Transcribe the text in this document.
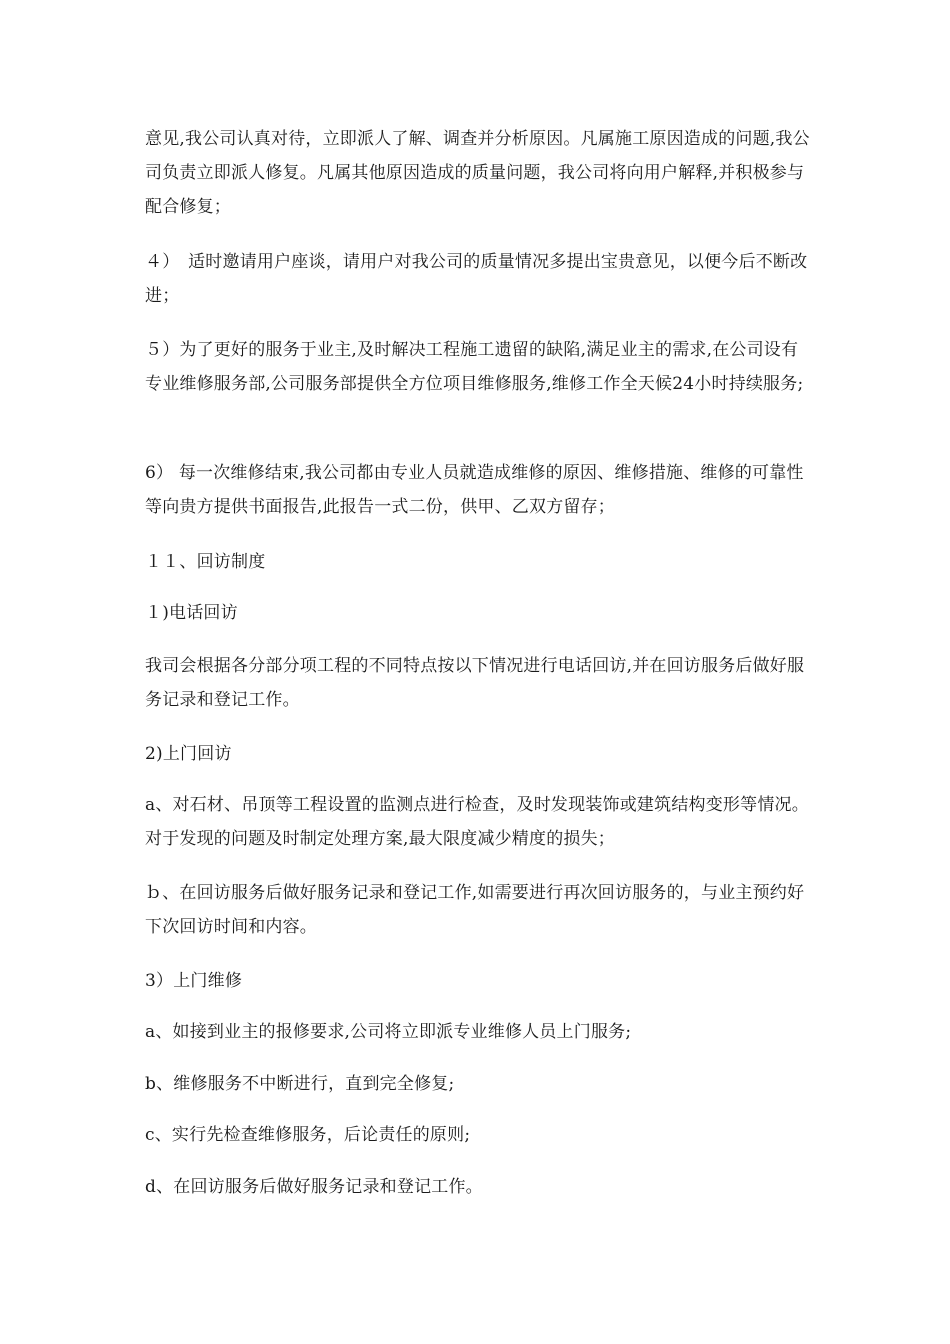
意见,我公司认真对待，立即派人了解、调查并分析原因。凡属施工原因造成的问题,我公司负责立即派人修复。凡属其他原因造成的质量问题，我公司将向用户解释,并积极参与配合修复；

４）　适时邀请用户座谈，请用户对我公司的质量情况多提出宝贵意见，以便今后不断改进；

５）为了更好的服务于业主,及时解决工程施工遗留的缺陷,满足业主的需求,在公司设有专业维修服务部,公司服务部提供全方位项目维修服务,维修工作全天候24小时持续服务;

6） 每一次维修结束,我公司都由专业人员就造成维修的原因、维修措施、维修的可靠性等向贵方提供书面报告,此报告一式二份，供甲、乙双方留存；

１１、回访制度

１)电话回访

我司会根据各分部分项工程的不同特点按以下情况进行电话回访,并在回访服务后做好服务记录和登记工作。

2)上门回访

a、对石材、吊顶等工程设置的监测点进行检查，及时发现装饰或建筑结构变形等情况。对于发现的问题及时制定处理方案,最大限度减少精度的损失；

ｂ、在回访服务后做好服务记录和登记工作,如需要进行再次回访服务的，与业主预约好下次回访时间和内容。

3）上门维修

a、如接到业主的报修要求,公司将立即派专业维修人员上门服务;

b、维修服务不中断进行，直到完全修复;

c、实行先检查维修服务，后论责任的原则;

d、在回访服务后做好服务记录和登记工作。
